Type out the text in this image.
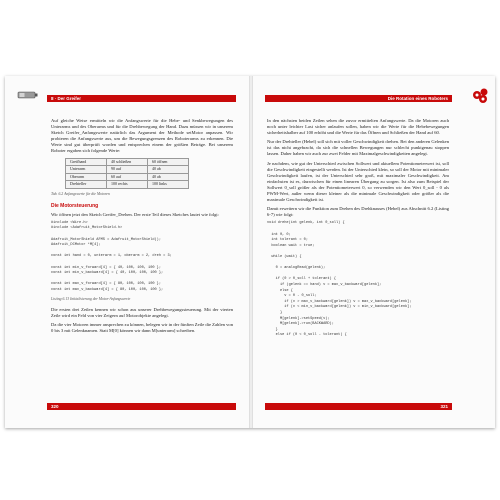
8 · Der Greifer

Auf gleiche Weise ermitteln wir die Anfangswerte für die Hebe- und Senkbewegungen des Unterarms und des Oberarms und für die Drehbewegung der Hand. Dazu müssen wir in unserem Sketch Greifer_Anfangswerte natürlich das Argument der Methode setMotor anpassen. Wir probieren die Anfangswerte aus, um die Bewegungsgrenzen des Roboterarms zu erkennen. Die Werte sind gut überprüft worden und entsprechen einem der größten Beträge. Bei unserem Roboter ergaben sich folgende Werte:

Greifhand	40 schließen	60 öffnen
Unterarm	90 auf	40 ab
Oberarm	60 auf	40 ab
Drehteller	100 rechts	100 links
Tab. 6.2 Anfangswerte für die Motoren
Die Motorsteuerung

Wir öffnen jetzt den Sketch Greifer_Drehen. Der erste Teil dieses Sketches lautet wie folgt:

#include <Wire.h>
#include <Adafruit_MotorShield.h>

Adafruit_MotorShield AFMS = Adafruit_MotorShield();
Adafruit_DCMotor *M[4];

const int hand = 0, unterarm = 1, oberarm = 2, dreh = 3;

const int min_v_forward[4] = { 40, 100, 100, 100 };
const int min_v_backward[4] = { 40, 100, 100, 100 };

const int max_v_forward[4] = { 80, 100, 100, 100 };
const int max_v_backward[4] = { 80, 100, 100, 100 };
Listing 6.13 Initialisierung der Motor-Anfangswerte

Die ersten drei Zeilen kennen wir schon aus unserer Drehbewegungssteuerung. Mit der vierten Zeile wird ein Feld von vier Zeigern auf Motorobjekte angelegt.

Da die vier Motoren immer ansprechen zu können, belegen wir in der fünften Zeile die Zahlen von 0 bis 3 mit Gelenknamen. Statt M[0] können wir dann M[unterarm] schreiben.

320
Die Rotation eines Roboters

In den nächsten beiden Zeilen sehen die zuvor ermittelten Anfangswerte. Da die Motoren auch noch unter leichter Last sicher anlaufen sollen, haben wir die Werte für die Hebebewegungen sicherheitshalber auf 100 erhöht und die Werte für das Öffnen und Schließen der Hand auf 60.

Nur der Drehteller (Hebel) soll sich mit voller Geschwindigkeit drehen. Bei den anderen Gelenken ist das nicht angebracht, da sich die schnellen Bewegungen nur schlecht punktgenau stoppen lassen. Daher haben wir auch zur zwei Felder mit Maximalgeschwindigkeiten angelegt.

Je nachdem, wie gut der Unterschied zwischen Sollwert und aktuellem Potentiometerwert ist, soll die Geschwindigkeit eingestellt werden. Ist der Unterschied klein, so soll der Motor mit minimaler Geschwindigkeit laufen, ist der Unterschied sehr groß, mit maximaler Geschwindigkeit. Am einfachsten ist es, dazwischen für einen linearen Übergang zu sorgen. Ist also zum Beispiel der Sollwert 0_soll größer als der Potentiometerwert 0, so verwenden wir den Wert 0_soll - 0 als PWM-Wert, außer wenn dieser kleiner als die minimale Geschwindigkeit oder größer als die maximale Geschwindigkeit ist.

Damit erweitern wir die Funktion zum Drehen des Drehknauses (Hebel) aus Abschnitt 6.2 (Listing 6-7) wie folgt:

void drehe(int gelenk, int 0_soll) {

int 0, 0;
int tolerant = 0;
boolean wait = true;

while (wait) {

0 = analogRead(gelenk);

if (0 > 0_soll + tolerant) {
if (gelenk == hand) v = max_v_backward[gelenk];
else {
v = 0 - 0_soll;
if (v > max_v_backward[gelenk]) v = max_v_backward[gelenk];
if (v < min_v_backward[gelenk]) v = min_v_backward[gelenk];
}
M[gelenk]->setSpeed(v);
M[gelenk]->run(BACKWARD);
}
else if (0 < 0_soll - tolerant) {
321
